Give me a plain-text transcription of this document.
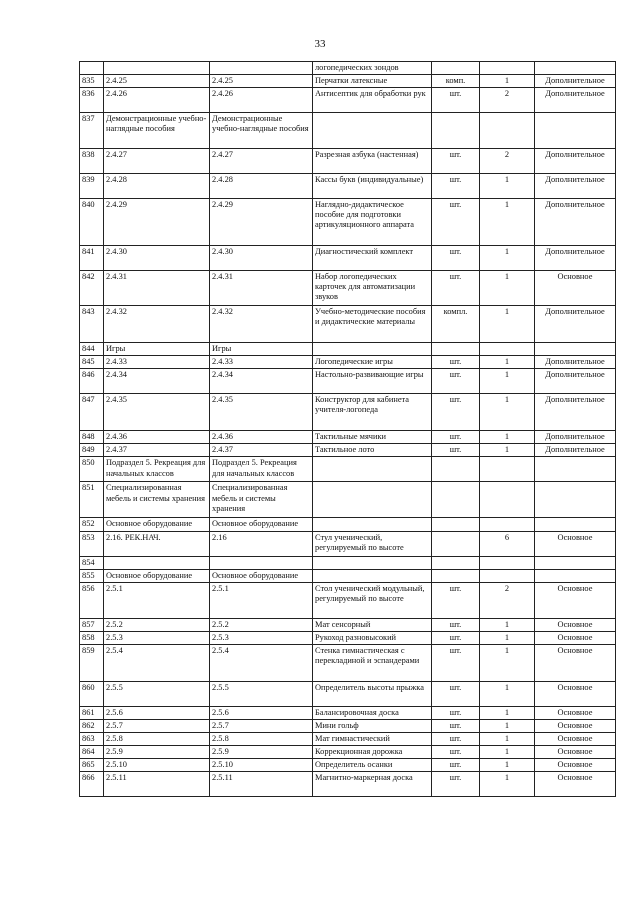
33
			логопедических зондов			
835	2.4.25	2.4.25	Перчатки латексные	комп.	1	Дополнительное
836	2.4.26	2.4.26	Антисептик для обработки рук	шт.	2	Дополнительное
837	Демонстрационные учебно-наглядные пособия	Демонстрационные учебно-наглядные пособия				
838	2.4.27	2.4.27	Разрезная азбука (настенная)	шт.	2	Дополнительное
839	2.4.28	2.4.28	Кассы букв (индивидуальные)	шт.	1	Дополнительное
840	2.4.29	2.4.29	Наглядно-дидактическое пособие для подготовки артикуляционного аппарата	шт.	1	Дополнительное
841	2.4.30	2.4.30	Диагностический комплект	шт.	1	Дополнительное
842	2.4.31	2.4.31	Набор логопедических карточек для автоматизации звуков	шт.	1	Основное
843	2.4.32	2.4.32	Учебно-методические пособия и дидактические материалы	компл.	1	Дополнительное
844	Игры	Игры				
845	2.4.33	2.4.33	Логопедические игры	шт.	1	Дополнительное
846	2.4.34	2.4.34	Настольно-развивающие игры	шт.	1	Дополнительное
847	2.4.35	2.4.35	Конструктор для кабинета учителя-логопеда	шт.	1	Дополнительное
848	2.4.36	2.4.36	Тактильные мячики	шт.	1	Дополнительное
849	2.4.37	2.4.37	Тактильное лото	шт.	1	Дополнительное
850	Подраздел 5. Рекреация для начальных классов	Подраздел 5. Рекреация для начальных классов				
851	Специализированная мебель и системы хранения	Специализированная мебель и системы хранения				
852	Основное оборудование	Основное оборудование				
853	2.16. РЕК.НАЧ.	2.16	Стул ученический, регулируемый по высоте		6	Основное
854						
855	Основное оборудование	Основное оборудование				
856	2.5.1	2.5.1	Стол ученический модульный, регулируемый по высоте	шт.	2	Основное
857	2.5.2	2.5.2	Мат сенсорный	шт.	1	Основное
858	2.5.3	2.5.3	Рукоход разновысокий	шт.	1	Основное
859	2.5.4	2.5.4	Стенка гимнастическая с перекладиной и эспандерами	шт.	1	Основное
860	2.5.5	2.5.5	Определитель высоты прыжка	шт.	1	Основное
861	2.5.6	2.5.6	Балансировочная доска	шт.	1	Основное
862	2.5.7	2.5.7	Мини гольф	шт.	1	Основное
863	2.5.8	2.5.8	Мат гимнастический	шт.	1	Основное
864	2.5.9	2.5.9	Коррекционная дорожка	шт.	1	Основное
865	2.5.10	2.5.10	Определитель осанки	шт.	1	Основное
866	2.5.11	2.5.11	Магнитно-маркерная доска	шт.	1	Основное
